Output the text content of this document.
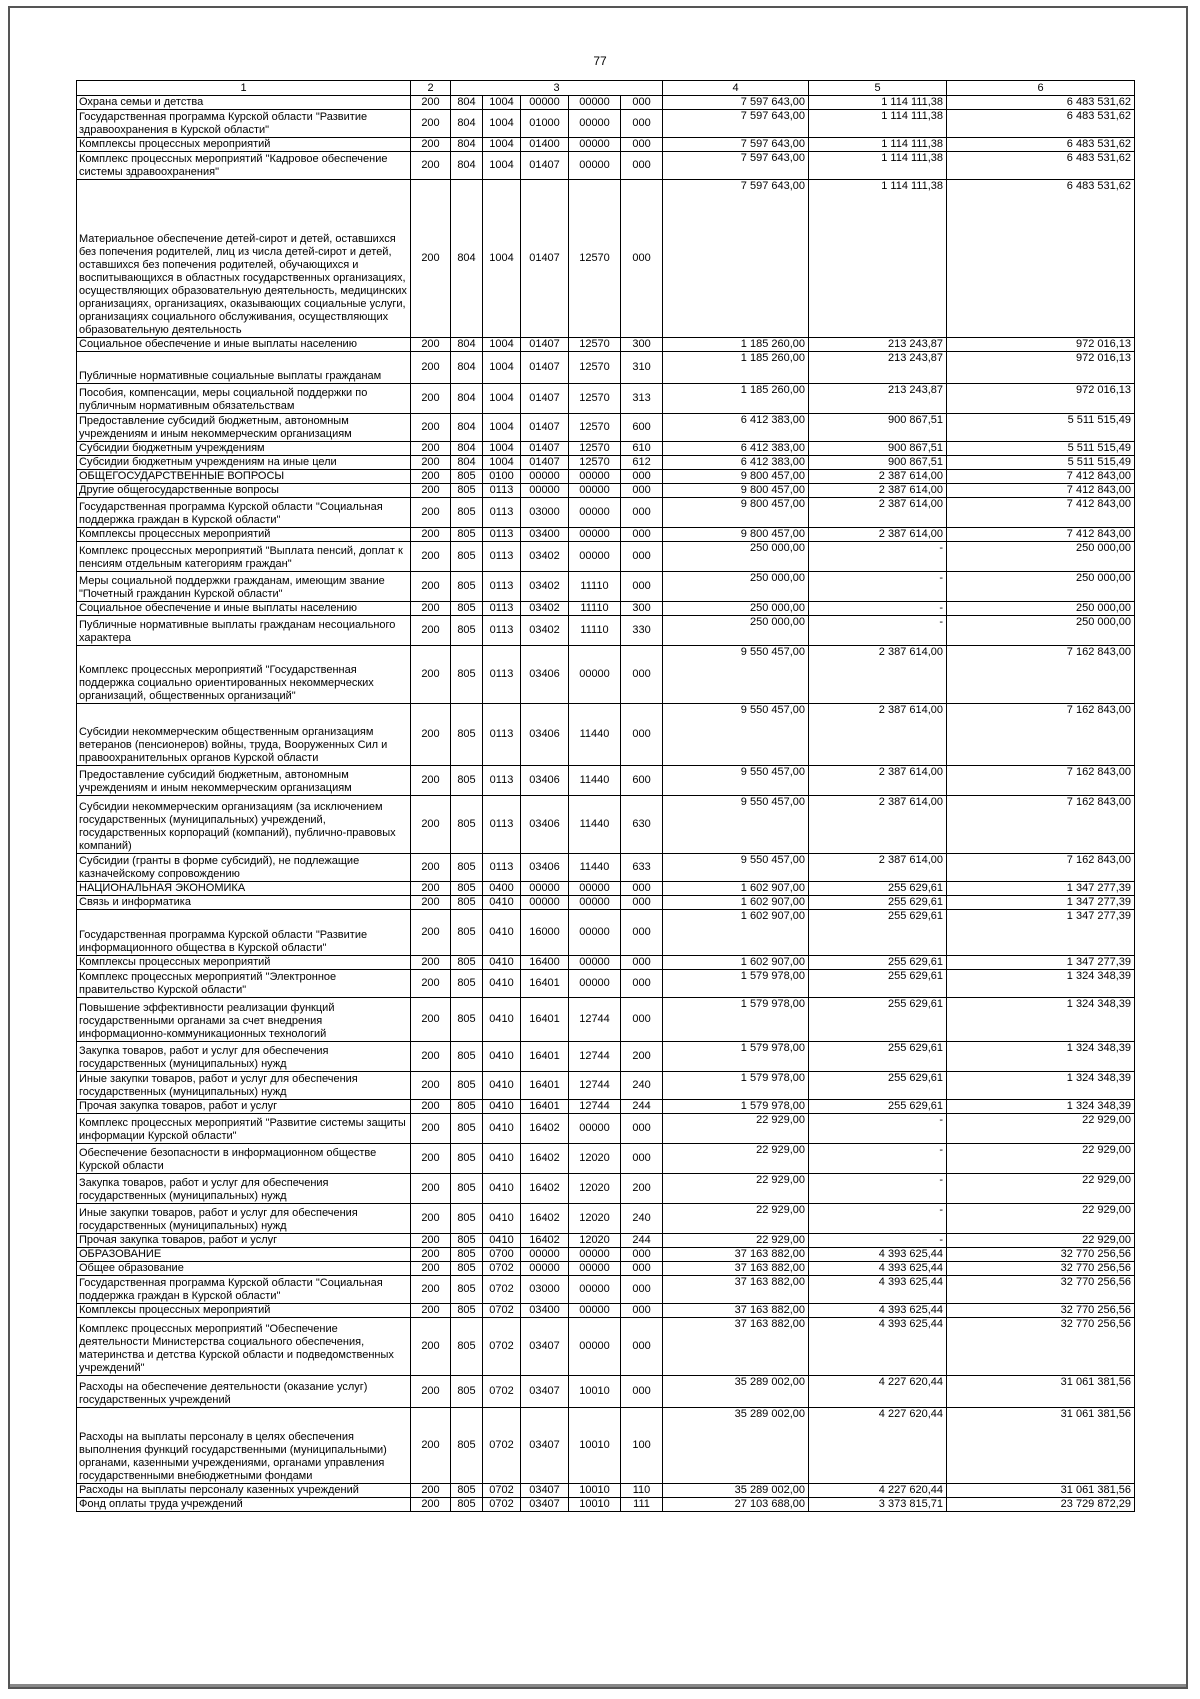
77
1	2	3					4	5	6
Охрана семьи и детства	200	804	1004	00000	00000	000	7 597 643,00	1 114 111,38	6 483 531,62
Государственная программа Курской области "Развитие здравоохранения в Курской области"	200	804	1004	01000	00000	000	7 597 643,00	1 114 111,38	6 483 531,62
Комплексы процессных мероприятий	200	804	1004	01400	00000	000	7 597 643,00	1 114 111,38	6 483 531,62
Комплекс процессных мероприятий "Кадровое обеспечение системы здравоохранения"	200	804	1004	01407	00000	000	7 597 643,00	1 114 111,38	6 483 531,62
Материальное обеспечение детей-сирот и детей, оставшихся без попечения родителей, лиц из числа детей-сирот и детей, оставшихся без попечения родителей, обучающихся и воспитывающихся в областных государственных организациях, осуществляющих образовательную деятельность, медицинских организациях, организациях, оказывающих социальные услуги, организациях социального обслуживания, осуществляющих образовательную деятельность	200	804	1004	01407	12570	000	7 597 643,00	1 114 111,38	6 483 531,62
Социальное обеспечение и иные выплаты населению	200	804	1004	01407	12570	300	1 185 260,00	213 243,87	972 016,13
Публичные нормативные социальные выплаты гражданам	200	804	1004	01407	12570	310	1 185 260,00	213 243,87	972 016,13
Пособия, компенсации, меры социальной поддержки по публичным нормативным обязательствам	200	804	1004	01407	12570	313	1 185 260,00	213 243,87	972 016,13
Предоставление субсидий бюджетным, автономным учреждениям и иным некоммерческим организациям	200	804	1004	01407	12570	600	6 412 383,00	900 867,51	5 511 515,49
Субсидии бюджетным учреждениям	200	804	1004	01407	12570	610	6 412 383,00	900 867,51	5 511 515,49
Субсидии бюджетным учреждениям на иные цели	200	804	1004	01407	12570	612	6 412 383,00	900 867,51	5 511 515,49
ОБЩЕГОСУДАРСТВЕННЫЕ ВОПРОСЫ	200	805	0100	00000	00000	000	9 800 457,00	2 387 614,00	7 412 843,00
Другие общегосударственные вопросы	200	805	0113	00000	00000	000	9 800 457,00	2 387 614,00	7 412 843,00
Государственная программа Курской области "Социальная поддержка граждан в Курской области"	200	805	0113	03000	00000	000	9 800 457,00	2 387 614,00	7 412 843,00
Комплексы процессных мероприятий	200	805	0113	03400	00000	000	9 800 457,00	2 387 614,00	7 412 843,00
Комплекс процессных мероприятий "Выплата пенсий, доплат к пенсиям отдельным категориям граждан"	200	805	0113	03402	00000	000	250 000,00	-	250 000,00
Меры социальной поддержки гражданам, имеющим звание "Почетный гражданин Курской области"	200	805	0113	03402	11110	000	250 000,00	-	250 000,00
Социальное обеспечение и иные выплаты населению	200	805	0113	03402	11110	300	250 000,00	-	250 000,00
Публичные нормативные выплаты гражданам несоциального характера	200	805	0113	03402	11110	330	250 000,00	-	250 000,00
Комплекс процессных мероприятий "Государственная поддержка социально ориентированных некоммерческих организаций, общественных организаций"	200	805	0113	03406	00000	000	9 550 457,00	2 387 614,00	7 162 843,00
Субсидии некоммерческим общественным организациям ветеранов (пенсионеров) войны, труда, Вооруженных Сил и правоохранительных органов Курской области	200	805	0113	03406	11440	000	9 550 457,00	2 387 614,00	7 162 843,00
Предоставление субсидий бюджетным, автономным учреждениям и иным некоммерческим организациям	200	805	0113	03406	11440	600	9 550 457,00	2 387 614,00	7 162 843,00
Субсидии некоммерческим организациям (за исключением государственных (муниципальных) учреждений, государственных корпораций (компаний), публично-правовых компаний)	200	805	0113	03406	11440	630	9 550 457,00	2 387 614,00	7 162 843,00
Субсидии (гранты в форме субсидий), не подлежащие казначейскому сопровождению	200	805	0113	03406	11440	633	9 550 457,00	2 387 614,00	7 162 843,00
НАЦИОНАЛЬНАЯ ЭКОНОМИКА	200	805	0400	00000	00000	000	1 602 907,00	255 629,61	1 347 277,39
Связь и информатика	200	805	0410	00000	00000	000	1 602 907,00	255 629,61	1 347 277,39
Государственная программа Курской области "Развитие информационного общества в Курской области"	200	805	0410	16000	00000	000	1 602 907,00	255 629,61	1 347 277,39
Комплексы процессных мероприятий	200	805	0410	16400	00000	000	1 602 907,00	255 629,61	1 347 277,39
Комплекс процессных мероприятий "Электронное правительство Курской области"	200	805	0410	16401	00000	000	1 579 978,00	255 629,61	1 324 348,39
Повышение эффективности реализации функций государственными органами за счет внедрения информационно-коммуникационных технологий	200	805	0410	16401	12744	000	1 579 978,00	255 629,61	1 324 348,39
Закупка товаров, работ и услуг для обеспечения государственных (муниципальных) нужд	200	805	0410	16401	12744	200	1 579 978,00	255 629,61	1 324 348,39
Иные закупки товаров, работ и услуг для обеспечения государственных (муниципальных) нужд	200	805	0410	16401	12744	240	1 579 978,00	255 629,61	1 324 348,39
Прочая закупка товаров, работ и услуг	200	805	0410	16401	12744	244	1 579 978,00	255 629,61	1 324 348,39
Комплекс процессных мероприятий "Развитие системы защиты информации Курской области"	200	805	0410	16402	00000	000	22 929,00	-	22 929,00
Обеспечение безопасности в информационном обществе Курской области	200	805	0410	16402	12020	000	22 929,00	-	22 929,00
Закупка товаров, работ и услуг для обеспечения государственных (муниципальных) нужд	200	805	0410	16402	12020	200	22 929,00	-	22 929,00
Иные закупки товаров, работ и услуг для обеспечения государственных (муниципальных) нужд	200	805	0410	16402	12020	240	22 929,00	-	22 929,00
Прочая закупка товаров, работ и услуг	200	805	0410	16402	12020	244	22 929,00	-	22 929,00
ОБРАЗОВАНИЕ	200	805	0700	00000	00000	000	37 163 882,00	4 393 625,44	32 770 256,56
Общее образование	200	805	0702	00000	00000	000	37 163 882,00	4 393 625,44	32 770 256,56
Государственная программа Курской области "Социальная поддержка граждан в Курской области"	200	805	0702	03000	00000	000	37 163 882,00	4 393 625,44	32 770 256,56
Комплексы процессных мероприятий	200	805	0702	03400	00000	000	37 163 882,00	4 393 625,44	32 770 256,56
Комплекс процессных мероприятий "Обеспечение деятельности Министерства социального обеспечения, материнства и детства Курской области и подведомственных учреждений"	200	805	0702	03407	00000	000	37 163 882,00	4 393 625,44	32 770 256,56
Расходы на обеспечение деятельности (оказание услуг) государственных учреждений	200	805	0702	03407	10010	000	35 289 002,00	4 227 620,44	31 061 381,56
Расходы на выплаты персоналу в целях обеспечения выполнения функций государственными (муниципальными) органами, казенными учреждениями, органами управления государственными внебюджетными фондами	200	805	0702	03407	10010	100	35 289 002,00	4 227 620,44	31 061 381,56
Расходы на выплаты персоналу казенных учреждений	200	805	0702	03407	10010	110	35 289 002,00	4 227 620,44	31 061 381,56
Фонд оплаты труда учреждений	200	805	0702	03407	10010	111	27 103 688,00	3 373 815,71	23 729 872,29
